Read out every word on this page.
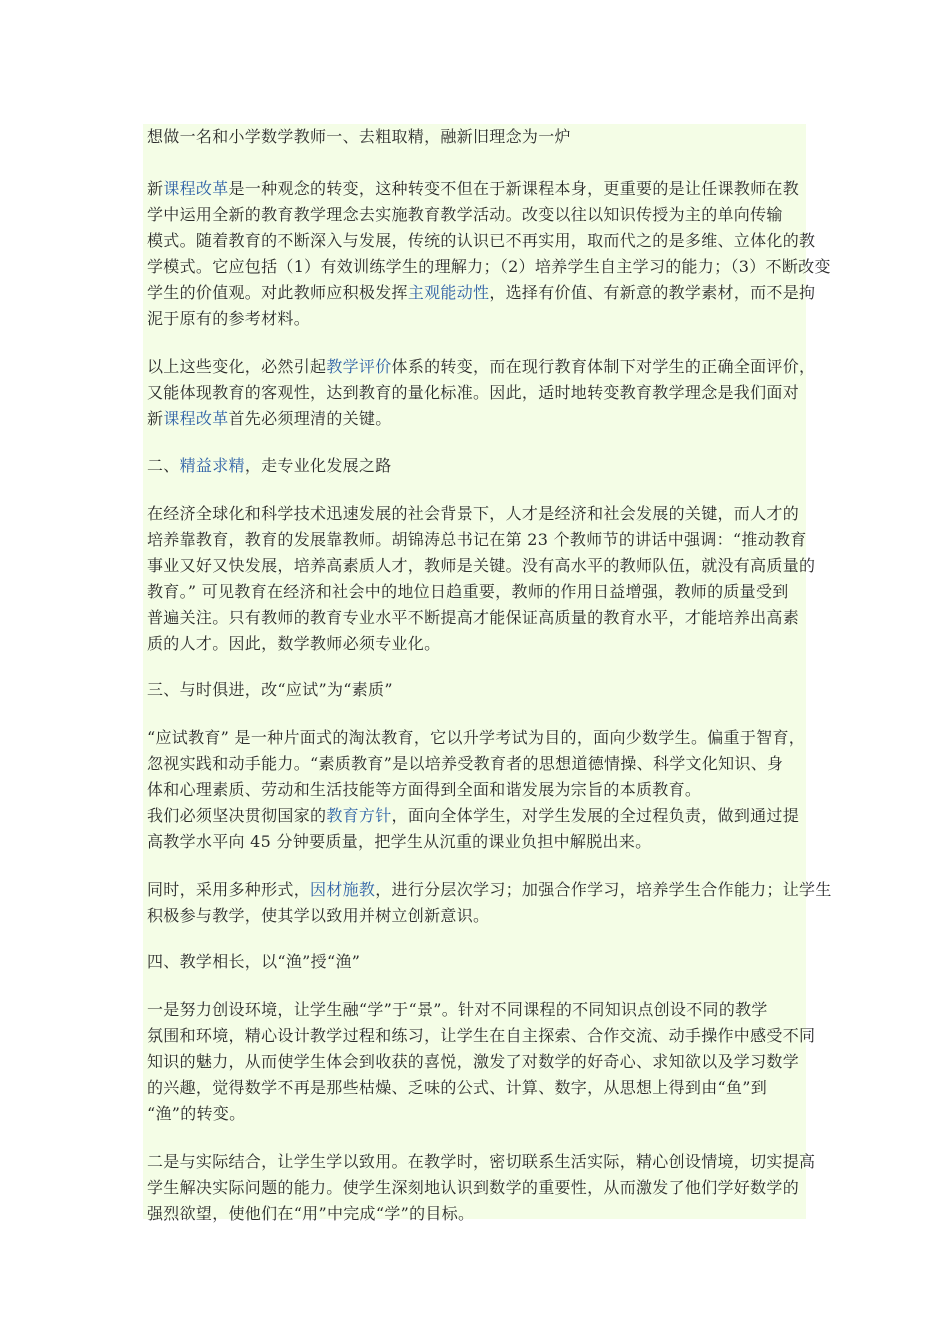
想做一名和小学数学教师一、去粗取精，融新旧理念为一炉
新课程改革是一种观念的转变，这种转变不但在于新课程本身，更重要的是让任课教师在教
学中运用全新的教育教学理念去实施教育教学活动。改变以往以知识传授为主的单向传输
模式。随着教育的不断深入与发展，传统的认识已不再实用，取而代之的是多维、立体化的教
学模式。它应包括（1）有效训练学生的理解力；（2）培养学生自主学习的能力；（3）不断改变
学生的价值观。对此教师应积极发挥主观能动性，选择有价值、有新意的教学素材，而不是拘
泥于原有的参考材料。
以上这些变化，必然引起教学评价体系的转变，而在现行教育体制下对学生的正确全面评价，
又能体现教育的客观性，达到教育的量化标准。因此，适时地转变教育教学理念是我们面对
新课程改革首先必须理清的关键。
二、精益求精，走专业化发展之路
在经济全球化和科学技术迅速发展的社会背景下，人才是经济和社会发展的关键，而人才的
培养靠教育，教育的发展靠教师。胡锦涛总书记在第 23 个教师节的讲话中强调：“推动教育
事业又好又快发展，培养高素质人才，教师是关键。没有高水平的教师队伍，就没有高质量的
教育。” 可见教育在经济和社会中的地位日趋重要，教师的作用日益增强，教师的质量受到
普遍关注。只有教师的教育专业水平不断提高才能保证高质量的教育水平，才能培养出高素
质的人才。因此，数学教师必须专业化。
三、与时俱进，改“应试”为“素质”
“应试教育” 是一种片面式的淘汰教育，它以升学考试为目的，面向少数学生。偏重于智育，
忽视实践和动手能力。“素质教育”是以培养受教育者的思想道德情操、科学文化知识、身
体和心理素质、劳动和生活技能等方面得到全面和谐发展为宗旨的本质教育。
我们必须坚决贯彻国家的教育方针，面向全体学生，对学生发展的全过程负责，做到通过提
高教学水平向 45 分钟要质量，把学生从沉重的课业负担中解脱出来。
同时，采用多种形式，因材施教，进行分层次学习；加强合作学习，培养学生合作能力；让学生
积极参与教学，使其学以致用并树立创新意识。
四、教学相长，以“渔”授“渔”
一是努力创设环境，让学生融“学”于“景”。针对不同课程的不同知识点创设不同的教学
氛围和环境，精心设计教学过程和练习，让学生在自主探索、合作交流、动手操作中感受不同
知识的魅力，从而使学生体会到收获的喜悦，激发了对数学的好奇心、求知欲以及学习数学
的兴趣，觉得数学不再是那些枯燥、乏味的公式、计算、数字，从思想上得到由“鱼”到
“渔”的转变。
二是与实际结合，让学生学以致用。在教学时，密切联系生活实际，精心创设情境，切实提高
学生解决实际问题的能力。使学生深刻地认识到数学的重要性，从而激发了他们学好数学的
强烈欲望，使他们在“用”中完成“学”的目标。
